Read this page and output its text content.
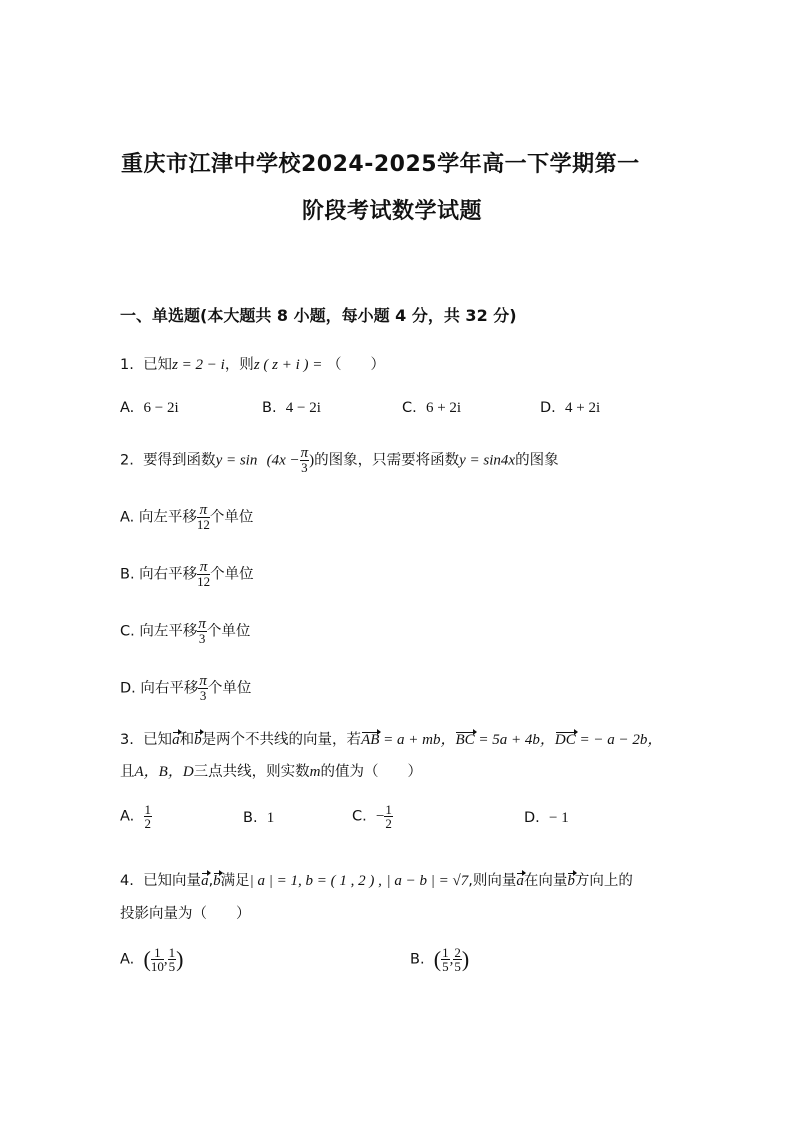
重庆市江津中学校2024-2025学年高一下学期第一
阶段考试数学试题
一、单选题(本大题共 8 小题，每小题 4 分，共 32 分)
1. 已知z = 2 − i，则z ( z + i ) = （　　）
A. 6 − 2i	B. 4 − 2i	C. 6 + 2i	D. 4 + 2i
2. 要得到函数$y = \sin (4x - \frac{\pi}{3}$ )的图象，只需要将函数y = sin4x的图象
A. 向左平移 $\frac{\pi}{12}$ 个单位
B. 向右平移 $\frac{\pi}{12}$ 个单位
C. 向左平移 $\frac{\pi}{3}$ 个单位
D. 向右平移 $\frac{\pi}{3}$ 个单位
3. 已知a和b是两个不共线的向量，若AB = a + mb，BC = 5a + 4b，DC = − a − 2b，
且A，B，D三点共线，则实数m的值为（　　）
A. $\frac{1}{2}$	B. 1	C. − $\frac{1}{2}$	D. − 1
4. 已知向量a,b满足| a | = 1, b = ( 1 , 2 ) , | a − b | = √7,则向量a在向量b方向上的
投影向量为（　　）
A. ( $\frac{1}{10}$ , $\frac{1}{5}$ )	B. ( $\frac{1}{5}$ , $\frac{2}{5}$ )
